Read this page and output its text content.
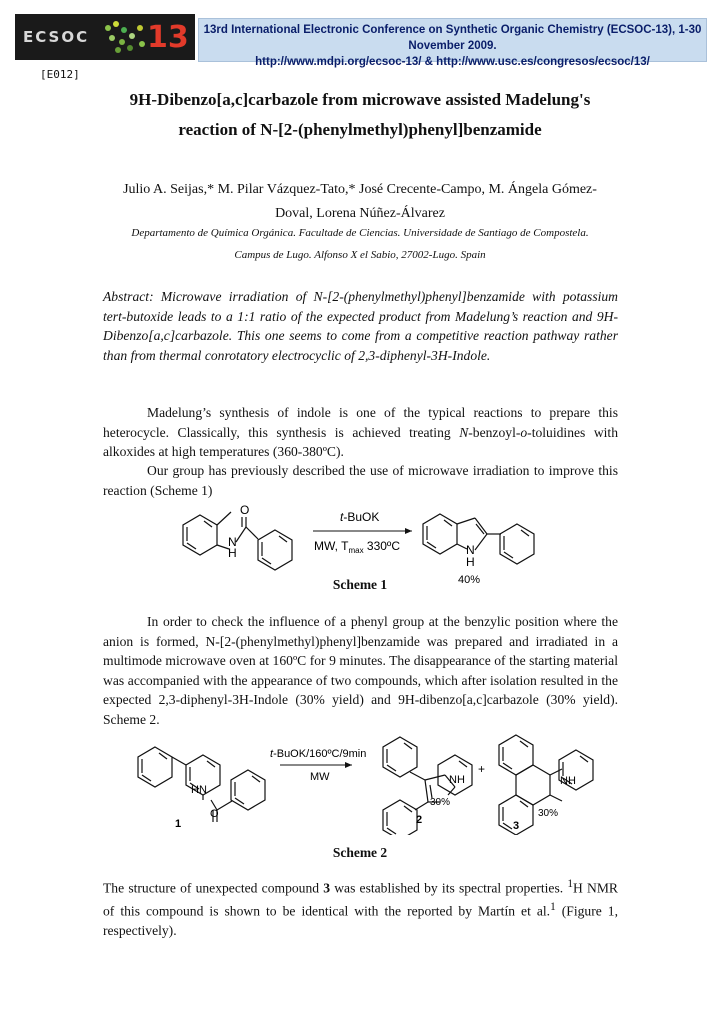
ECSOC 13	13rd International Electronic Conference on Synthetic Organic Chemistry (ECSOC-13), 1-30 November 2009.
http://www.mdpi.org/ecsoc-13/ & http://www.usc.es/congresos/ecsoc/13/
[E012]
9H-Dibenzo[a,c]carbazole from microwave assisted Madelung's
reaction of N-[2-(phenylmethyl)phenyl]benzamide
Julio A. Seijas,* M. Pilar Vázquez-Tato,* José Crecente-Campo, M. Ángela Gómez-
Doval, Lorena Núñez-Álvarez
Departamento de Química Orgánica. Facultade de Ciencias. Universidade de Santiago de Compostela.
Campus de Lugo. Alfonso X el Sabio, 27002-Lugo. Spain
Abstract: Microwave irradiation of N-[2-(phenylmethyl)phenyl]benzamide with potassium tert-butoxide leads to a 1:1 ratio of the expected product from Madelung’s reaction and 9H-Dibenzo[a,c]carbazole. This one seems to come from a competitive reaction pathway rather than from thermal conrotatory electrocyclic of 2,3-diphenyl-3H-Indole.
Madelung’s synthesis of indole is one of the typical reactions to prepare this heterocycle. Classically, this synthesis is achieved treating N-benzoyl-o-toluidines with alkoxides at high temperatures (360-380ºC).
Our group has previously described the use of microwave irradiation to improve this reaction (Scheme 1)
O
N
H
t-BuOK
MW, $T_{max}$ 330ºC	N
H
40%
Scheme 1
In order to check the influence of a phenyl group at the benzylic position where the anion is formed, N-[2-(phenylmethyl)phenyl]benzamide was prepared and irradiated in a multimode microwave oven at 160ºC for 9 minutes. The disappearance of the starting material was accompanied with the appearance of two compounds, which after isolation resulted in the expected 2,3-diphenyl-3H-Indole (30% yield) and 9H-dibenzo[a,c]carbazole (30% yield). Scheme 2.
HN
O
1
t-BuOK/160ºC/9min
MW	NH
30%
2
+
NH
30%
3
Scheme 2
The structure of unexpected compound 3 was established by its spectral properties. $^1$H NMR of this compound is shown to be identical with the reported by Martín et al.$^1$ (Figure 1, respectively).
